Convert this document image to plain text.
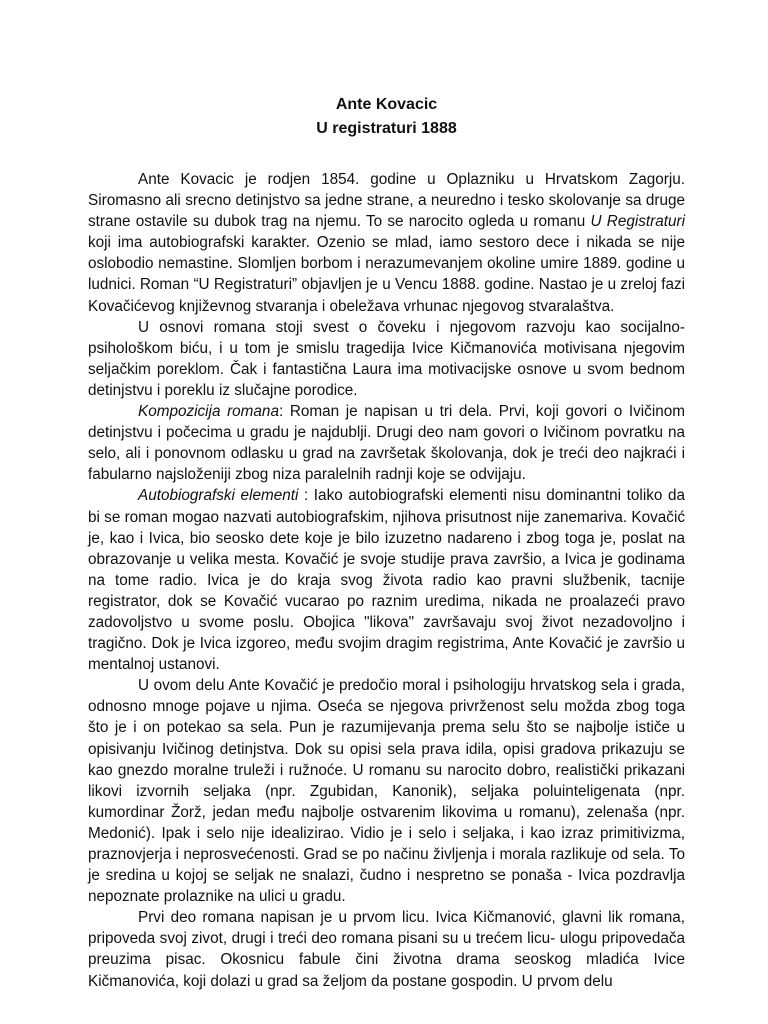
Ante Kovacic
U registraturi 1888

Ante Kovacic je rodjen 1854. godine u Oplazniku u Hrvatskom Zagorju. Siromasno ali srecno detinjstvo sa jedne strane, a neuredno i tesko skolovanje sa druge strane ostavile su dubok trag na njemu. To se narocito ogleda u romanu U Registraturi koji ima autobiografski karakter. Ozenio se mlad, iamo sestoro dece i nikada se nije oslobodio nemastine. Slomljen borbom i nerazumevanjem okoline umire 1889. godine u ludnici. Roman “U Registraturi” objavljen je u Vencu 1888. godine. Nastao je u zreloj fazi Kovačićevog književnog stvaranja i obeležava vrhunac njegovog stvaralaštva.

U osnovi romana stoji svest o čoveku i njegovom razvoju kao socijalno-psihološkom biću, i u tom je smislu tragedija Ivice Kičmanovića motivisana njegovim seljačkim poreklom. Čak i fantastična Laura ima motivacijske osnove u svom bednom detinjstvu i poreklu iz slučajne porodice.

Kompozicija romana: Roman je napisan u tri dela. Prvi, koji govori o Ivičinom detinjstvu i počecima u gradu je najdublji. Drugi deo nam govori o Ivičinom povratku na selo, ali i ponovnom odlasku u grad na završetak školovanja, dok je treći deo najkraći i fabularno najsloženiji zbog niza paralelnih radnji koje se odvijaju.

Autobiografski elementi : Iako autobiografski elementi nisu dominantni toliko da bi se roman mogao nazvati autobiografskim, njihova prisutnost nije zanemariva. Kovačić je, kao i Ivica, bio seosko dete koje je bilo izuzetno nadareno i zbog toga je, poslat na obrazovanje u velika mesta. Kovačić je svoje studije prava završio, a Ivica je godinama na tome radio. Ivica je do kraja svog života radio kao pravni službenik, tacnije registrator, dok se Kovačić vucarao po raznim uredima, nikada ne proalazeći pravo zadovoljstvo u svome poslu. Obojica "likova" završavaju svoj život nezadovoljno i tragično. Dok je Ivica izgoreo, među svojim dragim registrima, Ante Kovačić je završio u mentalnoj ustanovi.

U ovom delu Ante Kovačić je predočio moral i psihologiju hrvatskog sela i grada, odnosno mnoge pojave u njima. Oseća se njegova privrženost selu možda zbog toga što je i on potekao sa sela. Pun je razumijevanja prema selu što se najbolje ističe u opisivanju Ivičinog detinjstva. Dok su opisi sela prava idila, opisi gradova prikazuju se kao gnezdo moralne truleži i ružnoće. U romanu su narocito dobro, realistički prikazani likovi izvornih seljaka (npr. Zgubidan, Kanonik), seljaka poluinteligenata (npr. kumordinar Žorž, jedan među najbolje ostvarenim likovima u romanu), zelenaša (npr. Medonić). Ipak i selo nije idealizirao. Vidio je i selo i seljaka, i kao izraz primitivizma, praznovjerja i neprosvećenosti. Grad se po načinu življenja i morala razlikuje od sela. To je sredina u kojoj se seljak ne snalazi, čudno i nespretno se ponaša - Ivica pozdravlja nepoznate prolaznike na ulici u gradu.

Prvi deo romana napisan je u prvom licu. Ivica Kičmanović, glavni lik romana, pripoveda svoj zivot, drugi i treći deo romana pisani su u trećem licu- ulogu pripovedača preuzima pisac. Okosnicu fabule čini životna drama seoskog mladića Ivice Kičmanovića, koji dolazi u grad sa željom da postane gospodin. U prvom delu
